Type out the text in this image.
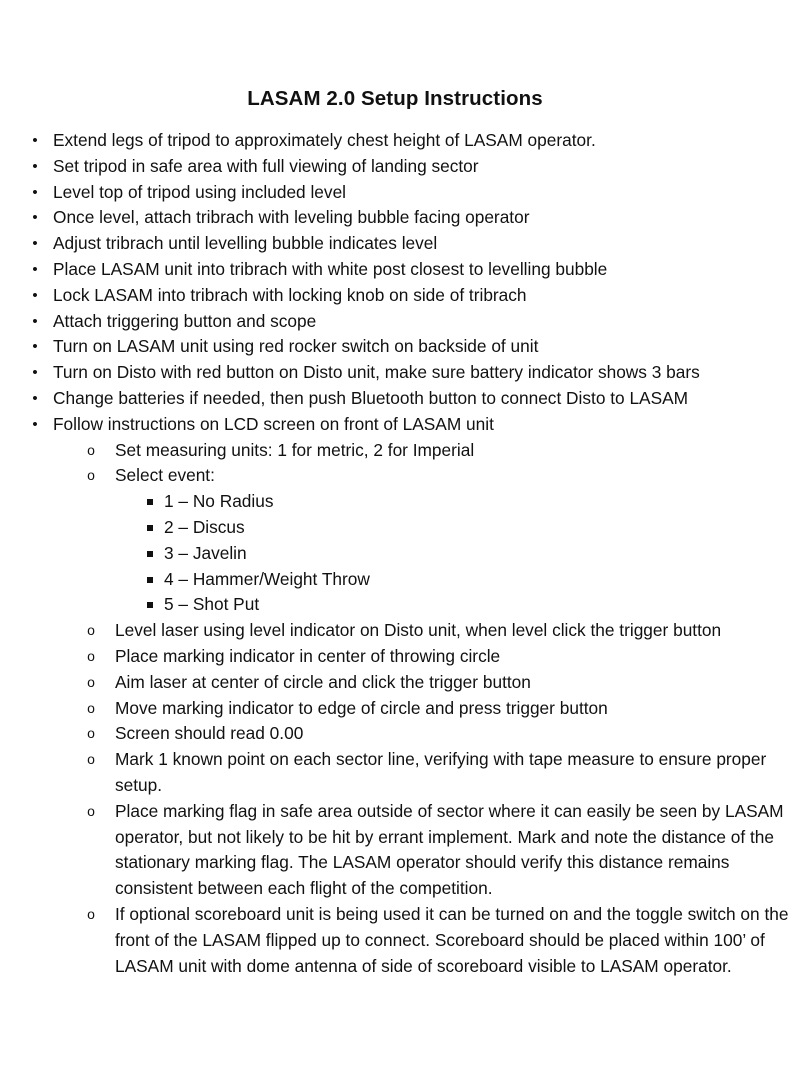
LASAM 2.0 Setup Instructions
• Extend legs of tripod to approximately chest height of LASAM operator.
• Set tripod in safe area with full viewing of landing sector
• Level top of tripod using included level
• Once level, attach tribrach with leveling bubble facing operator
• Adjust tribrach until levelling bubble indicates level
• Place LASAM unit into tribrach with white post closest to levelling bubble
• Lock LASAM into tribrach with locking knob on side of tribrach
• Attach triggering button and scope
• Turn on LASAM unit using red rocker switch on backside of unit
• Turn on Disto with red button on Disto unit, make sure battery indicator shows 3 bars
• Change batteries if needed, then push Bluetooth button to connect Disto to LASAM
• Follow instructions on LCD screen on front of LASAM unit
o Set measuring units: 1 for metric, 2 for Imperial
o Select event:
1 – No Radius
2 – Discus
3 – Javelin
4 – Hammer/Weight Throw
5 – Shot Put
o Level laser using level indicator on Disto unit, when level click the trigger button
o Place marking indicator in center of throwing circle
o Aim laser at center of circle and click the trigger button
o Move marking indicator to edge of circle and press trigger button
o Screen should read 0.00
o Mark 1 known point on each sector line, verifying with tape measure to ensure proper setup.
o Place marking flag in safe area outside of sector where it can easily be seen by LASAM operator, but not likely to be hit by errant implement. Mark and note the distance of the stationary marking flag. The LASAM operator should verify this distance remains consistent between each flight of the competition.
o If optional scoreboard unit is being used it can be turned on and the toggle switch on the front of the LASAM flipped up to connect. Scoreboard should be placed within 100’ of LASAM unit with dome antenna of side of scoreboard visible to LASAM operator.
